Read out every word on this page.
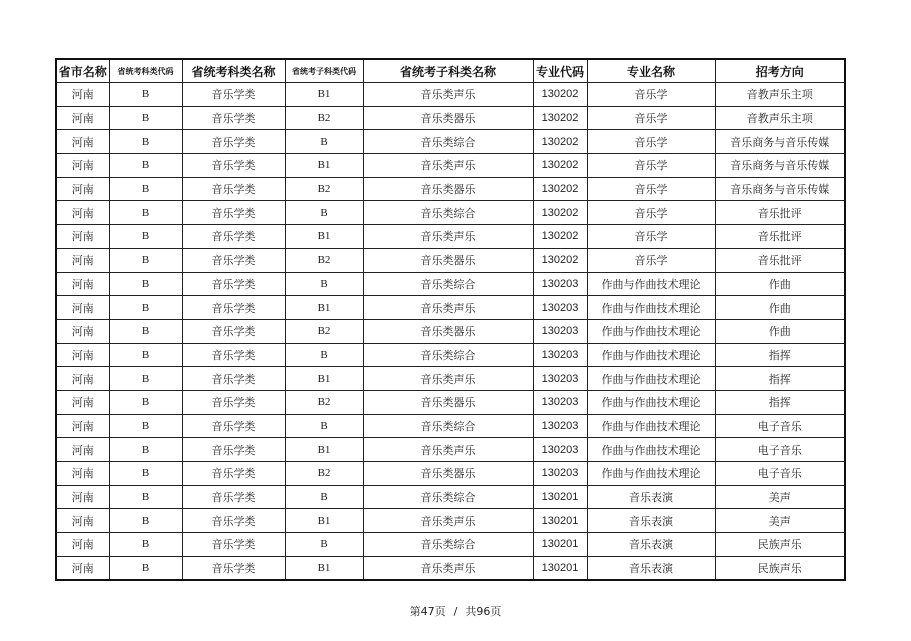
省市名称	省统考科类代码	省统考科类名称	省统考子科类代码	省统考子科类名称	专业代码	专业名称	招考方向
河南	B	音乐学类	B1	音乐类声乐	130202	音乐学	音教声乐主项
河南	B	音乐学类	B2	音乐类器乐	130202	音乐学	音教声乐主项
河南	B	音乐学类	B	音乐类综合	130202	音乐学	音乐商务与音乐传媒
河南	B	音乐学类	B1	音乐类声乐	130202	音乐学	音乐商务与音乐传媒
河南	B	音乐学类	B2	音乐类器乐	130202	音乐学	音乐商务与音乐传媒
河南	B	音乐学类	B	音乐类综合	130202	音乐学	音乐批评
河南	B	音乐学类	B1	音乐类声乐	130202	音乐学	音乐批评
河南	B	音乐学类	B2	音乐类器乐	130202	音乐学	音乐批评
河南	B	音乐学类	B	音乐类综合	130203	作曲与作曲技术理论	作曲
河南	B	音乐学类	B1	音乐类声乐	130203	作曲与作曲技术理论	作曲
河南	B	音乐学类	B2	音乐类器乐	130203	作曲与作曲技术理论	作曲
河南	B	音乐学类	B	音乐类综合	130203	作曲与作曲技术理论	指挥
河南	B	音乐学类	B1	音乐类声乐	130203	作曲与作曲技术理论	指挥
河南	B	音乐学类	B2	音乐类器乐	130203	作曲与作曲技术理论	指挥
河南	B	音乐学类	B	音乐类综合	130203	作曲与作曲技术理论	电子音乐
河南	B	音乐学类	B1	音乐类声乐	130203	作曲与作曲技术理论	电子音乐
河南	B	音乐学类	B2	音乐类器乐	130203	作曲与作曲技术理论	电子音乐
河南	B	音乐学类	B	音乐类综合	130201	音乐表演	美声
河南	B	音乐学类	B1	音乐类声乐	130201	音乐表演	美声
河南	B	音乐学类	B	音乐类综合	130201	音乐表演	民族声乐
河南	B	音乐学类	B1	音乐类声乐	130201	音乐表演	民族声乐
第47页 / 共96页
